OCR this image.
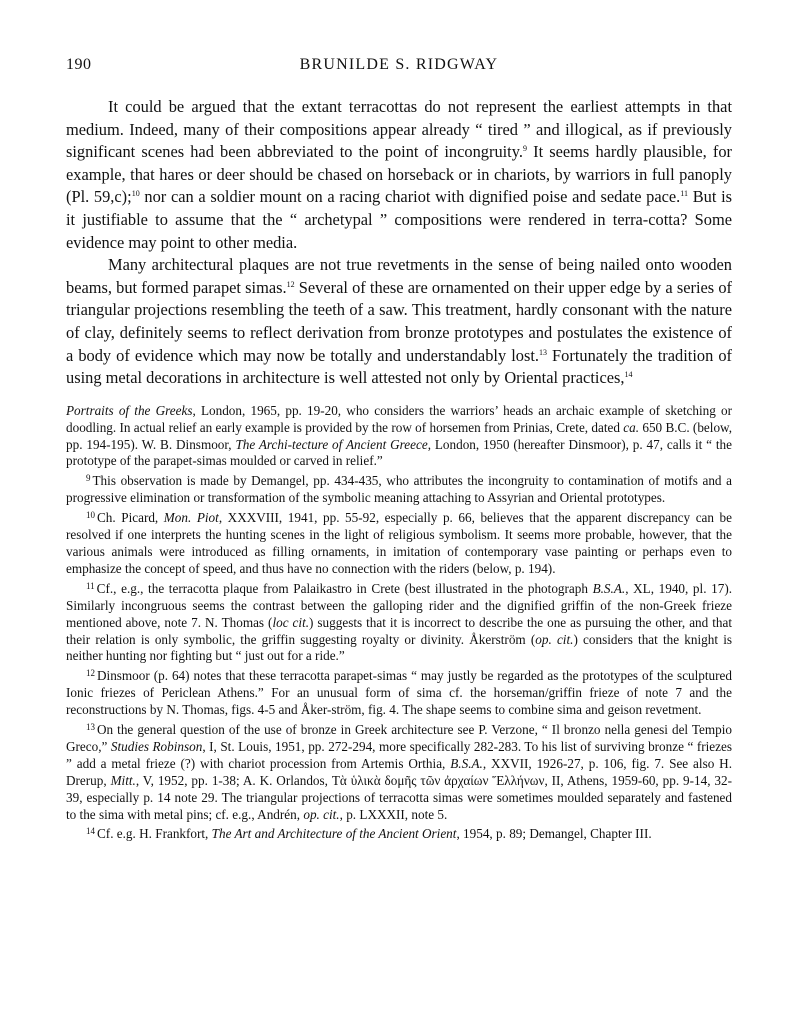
190	BRUNILDE S. RIDGWAY

It could be argued that the extant terracottas do not represent the earliest attempts in that medium. Indeed, many of their compositions appear already “ tired ” and illogical, as if previously significant scenes had been abbreviated to the point of incongruity.$^9$ It seems hardly plausible, for example, that hares or deer should be chased on horseback or in chariots, by warriors in full panoply (Pl. 59,c);$^{10}$ nor can a soldier mount on a racing chariot with dignified poise and sedate pace.$^{11}$ But is it justifiable to assume that the “ archetypal ” compositions were rendered in terra-cotta? Some evidence may point to other media.

Many architectural plaques are not true revetments in the sense of being nailed onto wooden beams, but formed parapet simas.$^{12}$ Several of these are ornamented on their upper edge by a series of triangular projections resembling the teeth of a saw. This treatment, hardly consonant with the nature of clay, definitely seems to reflect derivation from bronze prototypes and postulates the existence of a body of evidence which may now be totally and understandably lost.$^{13}$ Fortunately the tradition of using metal decorations in architecture is well attested not only by Oriental practices,$^{14}$

Portraits of the Greeks, London, 1965, pp. 19-20, who considers the warriors’ heads an archaic example of sketching or doodling. In actual relief an early example is provided by the row of horsemen from Prinias, Crete, dated ca. 650 B.C. (below, pp. 194-195). W. B. Dinsmoor, The Archi-tecture of Ancient Greece, London, 1950 (hereafter Dinsmoor), p. 47, calls it “ the prototype of the parapet-simas moulded or carved in relief.”

$^9$ This observation is made by Demangel, pp. 434-435, who attributes the incongruity to contamination of motifs and a progressive elimination or transformation of the symbolic meaning attaching to Assyrian and Oriental prototypes.

$^{10}$ Ch. Picard, Mon. Piot, XXXVIII, 1941, pp. 55-92, especially p. 66, believes that the apparent discrepancy can be resolved if one interprets the hunting scenes in the light of religious symbolism. It seems more probable, however, that the various animals were introduced as filling ornaments, in imitation of contemporary vase painting or perhaps even to emphasize the concept of speed, and thus have no connection with the riders (below, p. 194).

$^{11}$ Cf., e.g., the terracotta plaque from Palaikastro in Crete (best illustrated in the photograph B.S.A., XL, 1940, pl. 17). Similarly incongruous seems the contrast between the galloping rider and the dignified griffin of the non-Greek frieze mentioned above, note 7. N. Thomas (loc cit.) suggests that it is incorrect to describe the one as pursuing the other, and that their relation is only symbolic, the griffin suggesting royalty or divinity. Åkerström (op. cit.) considers that the knight is neither hunting nor fighting but “ just out for a ride.”

$^{12}$ Dinsmoor (p. 64) notes that these terracotta parapet-simas “ may justly be regarded as the prototypes of the sculptured Ionic friezes of Periclean Athens.” For an unusual form of sima cf. the horseman/griffin frieze of note 7 and the reconstructions by N. Thomas, figs. 4-5 and Åker-ström, fig. 4. The shape seems to combine sima and geison revetment.

$^{13}$ On the general question of the use of bronze in Greek architecture see P. Verzone, “ Il bronzo nella genesi del Tempio Greco,” Studies Robinson, I, St. Louis, 1951, pp. 272-294, more specifically 282-283. To his list of surviving bronze “ friezes ” add a metal frieze (?) with chariot procession from Artemis Orthia, B.S.A., XXVII, 1926-27, p. 106, fig. 7. See also H. Drerup, Mitt., V, 1952, pp. 1-38; A. K. Orlandos, Τὰ ὑλικὰ δομῆς τῶν ἀρχαίων Ἕλλήνων, II, Athens, 1959-60, pp. 9-14, 32-39, especially p. 14 note 29. The triangular projections of terracotta simas were sometimes moulded separately and fastened to the sima with metal pins; cf. e.g., Andrén, op. cit., p. LXXXII, note 5.

$^{14}$ Cf. e.g. H. Frankfort, The Art and Architecture of the Ancient Orient, 1954, p. 89; Demangel, Chapter III.
